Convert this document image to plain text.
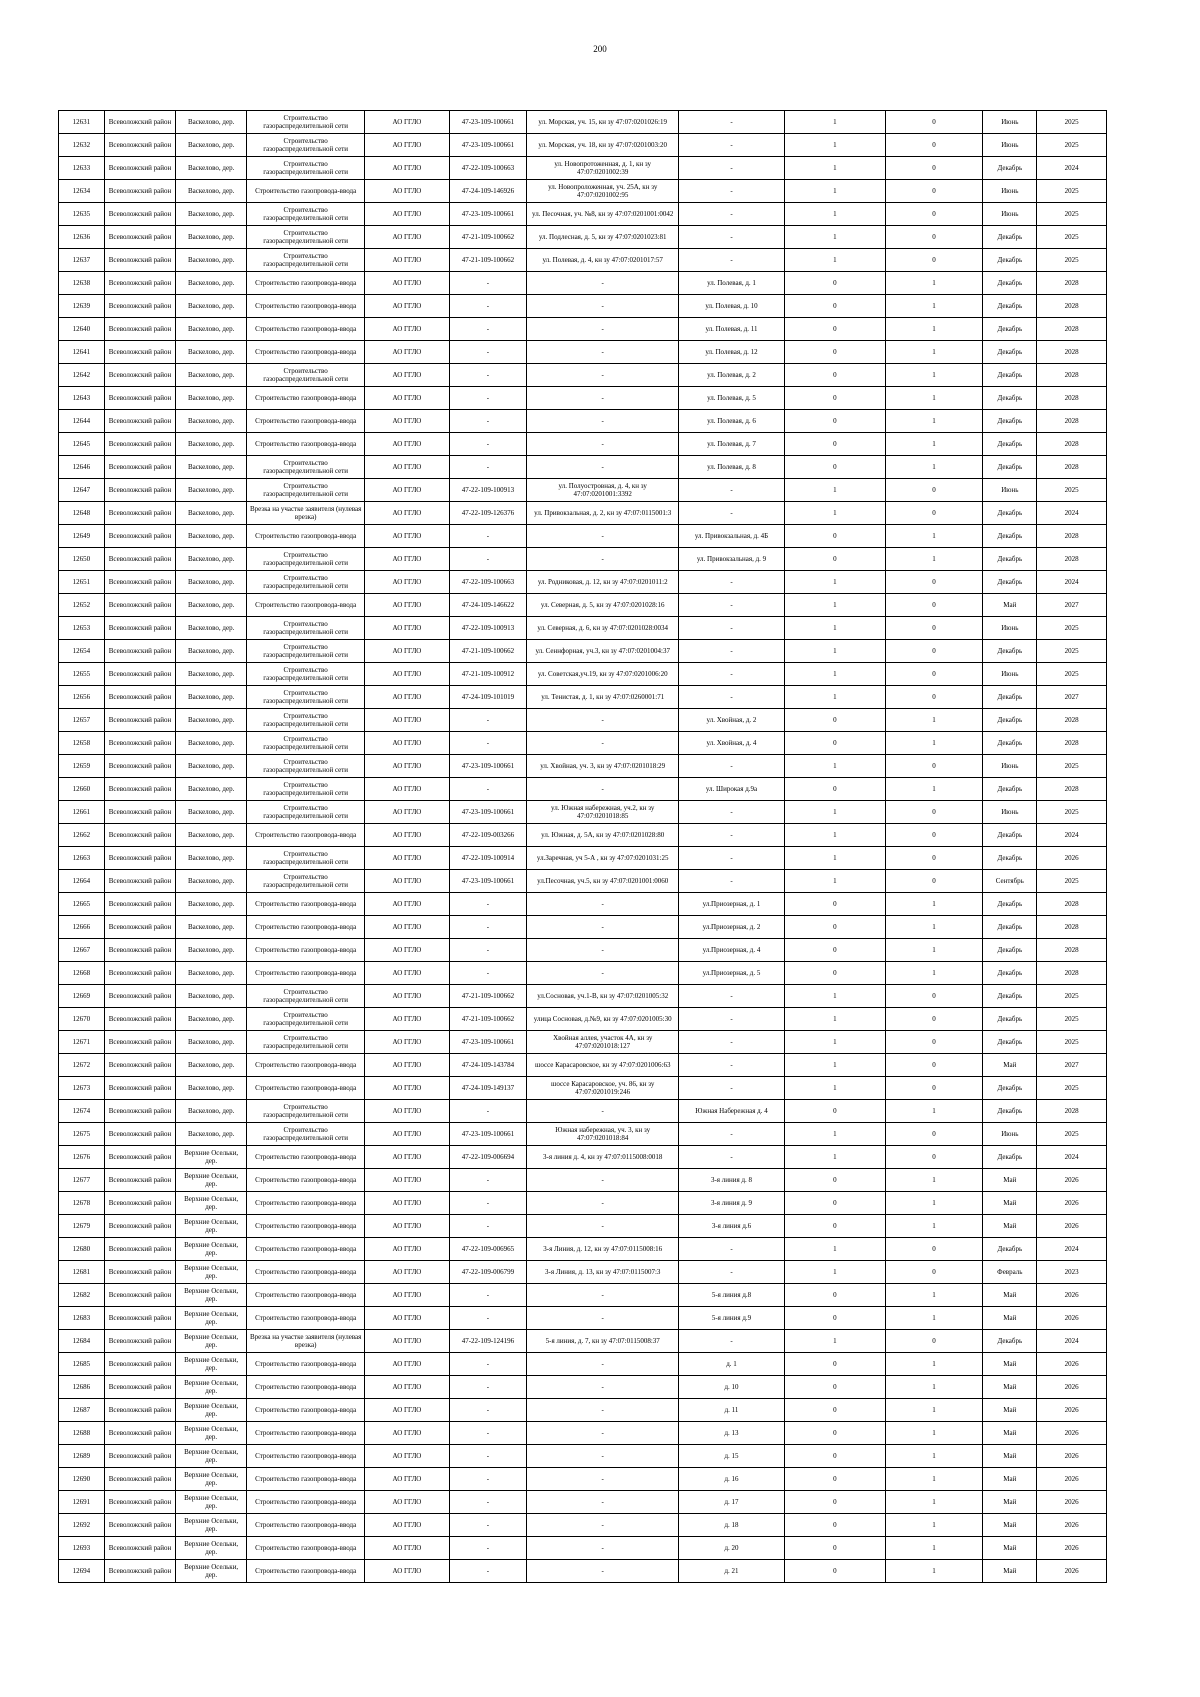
200
12631	Всеволожский район	Васкелово, дер.	Строительство газораспределительной сети	АО ГГЛО	47-23-109-100661	ул. Морская, уч. 15, кн зу 47:07:0201026:19	-	1	0	Июнь	2025
12632	Всеволожский район	Васкелово, дер.	Строительство газораспределительной сети	АО ГГЛО	47-23-109-100661	ул. Морская, уч. 18, кн зу 47:07:0201003:20	-	1	0	Июнь	2025
12633	Всеволожский район	Васкелово, дер.	Строительство газораспределительной сети	АО ГГЛО	47-22-109-100663	ул. Новопротоженная, д. 1, кн зу 47:07:0201002:39	-	1	0	Декабрь	2024
12634	Всеволожский район	Васкелово, дер.	Строительство газопровода-ввода	АО ГГЛО	47-24-109-146926	ул. Новопроложенная, уч. 25А, кн зу 47:07:0201002:95	-	1	0	Июнь	2025
12635	Всеволожский район	Васкелово, дер.	Строительство газораспределительной сети	АО ГГЛО	47-23-109-100661	ул. Песочная, уч. №8, кн зу 47:07:0201001:0042	-	1	0	Июнь	2025
12636	Всеволожский район	Васкелово, дер.	Строительство газораспределительной сети	АО ГГЛО	47-21-109-100662	ул. Подлесная, д. 5, кн зу 47:07:0201023:81	-	1	0	Декабрь	2025
12637	Всеволожский район	Васкелово, дер.	Строительство газораспределительной сети	АО ГГЛО	47-21-109-100662	ул. Полевая, д. 4, кн зу 47:07:0201017:57	-	1	0	Декабрь	2025
12638	Всеволожский район	Васкелово, дер.	Строительство газопровода-ввода	АО ГГЛО	-	-	ул. Полевая, д. 1	0	1	Декабрь	2028
12639	Всеволожский район	Васкелово, дер.	Строительство газопровода-ввода	АО ГГЛО	-	-	ул. Полевая, д. 10	0	1	Декабрь	2028
12640	Всеволожский район	Васкелово, дер.	Строительство газопровода-ввода	АО ГГЛО	-	-	ул. Полевая, д. 11	0	1	Декабрь	2028
12641	Всеволожский район	Васкелово, дер.	Строительство газопровода-ввода	АО ГГЛО	-	-	ул. Полевая, д. 12	0	1	Декабрь	2028
12642	Всеволожский район	Васкелово, дер.	Строительство газораспределительной сети	АО ГГЛО	-	-	ул. Полевая, д. 2	0	1	Декабрь	2028
12643	Всеволожский район	Васкелово, дер.	Строительство газопровода-ввода	АО ГГЛО	-	-	ул. Полевая, д. 5	0	1	Декабрь	2028
12644	Всеволожский район	Васкелово, дер.	Строительство газопровода-ввода	АО ГГЛО	-	-	ул. Полевая, д. 6	0	1	Декабрь	2028
12645	Всеволожский район	Васкелово, дер.	Строительство газопровода-ввода	АО ГГЛО	-	-	ул. Полевая, д. 7	0	1	Декабрь	2028
12646	Всеволожский район	Васкелово, дер.	Строительство газораспределительной сети	АО ГГЛО	-	-	ул. Полевая, д. 8	0	1	Декабрь	2028
12647	Всеволожский район	Васкелово, дер.	Строительство газораспределительной сети	АО ГГЛО	47-22-109-100913	ул. Полуостровная, д. 4, кн зу 47:07:0201001:3392	-	1	0	Июнь	2025
12648	Всеволожский район	Васкелово, дер.	Врезка на участке заявителя (нулевая врезка)	АО ГГЛО	47-22-109-126376	ул. Привокзальная, д. 2, кн зу 47:07:0115001:3	-	1	0	Декабрь	2024
12649	Всеволожский район	Васкелово, дер.	Строительство газопровода-ввода	АО ГГЛО	-	-	ул. Привокзальная, д. 4Б	0	1	Декабрь	2028
12650	Всеволожский район	Васкелово, дер.	Строительство газораспределительной сети	АО ГГЛО	-	-	ул. Привокзальная, д. 9	0	1	Декабрь	2028
12651	Всеволожский район	Васкелово, дер.	Строительство газораспределительной сети	АО ГГЛО	47-22-109-100663	ул. Родниковая, д. 12, кн зу 47:07:0201011:2	-	1	0	Декабрь	2024
12652	Всеволожский район	Васкелово, дер.	Строительство газопровода-ввода	АО ГГЛО	47-24-109-146622	ул. Северная, д. 5, кн зу 47:07:0201028:16	-	1	0	Май	2027
12653	Всеволожский район	Васкелово, дер.	Строительство газораспределительной сети	АО ГГЛО	47-22-109-100913	ул. Северная, д. 6, кн зу 47:07:0201028:0034	-	1	0	Июнь	2025
12654	Всеволожский район	Васкелово, дер.	Строительство газораспределительной сети	АО ГГЛО	47-21-109-100662	ул. Сеннфорная, уч.3, кн зу 47:07:0201004:37	-	1	0	Декабрь	2025
12655	Всеволожский район	Васкелово, дер.	Строительство газораспределительной сети	АО ГГЛО	47-21-109-100912	ул. Советская,уч.19, кн зу 47:07:0201006:20	-	1	0	Июнь	2025
12656	Всеволожский район	Васкелово, дер.	Строительство газораспределительной сети	АО ГГЛО	47-24-109-101019	ул. Тенистая, д. 1, кн зу 47:07:0260001:71	-	1	0	Декабрь	2027
12657	Всеволожский район	Васкелово, дер.	Строительство газораспределительной сети	АО ГГЛО	-	-	ул. Хвойная, д. 2	0	1	Декабрь	2028
12658	Всеволожский район	Васкелово, дер.	Строительство газораспределительной сети	АО ГГЛО	-	-	ул. Хвойная, д. 4	0	1	Декабрь	2028
12659	Всеволожский район	Васкелово, дер.	Строительство газораспределительной сети	АО ГГЛО	47-23-109-100661	ул. Хвойная, уч. 3, кн зу 47:07:0201018:29	-	1	0	Июнь	2025
12660	Всеволожский район	Васкелово, дер.	Строительство газораспределительной сети	АО ГГЛО	-	-	ул. Широкая д.9а	0	1	Декабрь	2028
12661	Всеволожский район	Васкелово, дер.	Строительство газораспределительной сети	АО ГГЛО	47-23-109-100661	ул. Южная набережная, уч.2, кн зу 47:07:0201018:85	-	1	0	Июнь	2025
12662	Всеволожский район	Васкелово, дер.	Строительство газопровода-ввода	АО ГГЛО	47-22-109-003266	ул. Южная, д. 5А, кн зу 47:07:0201028:80	-	1	0	Декабрь	2024
12663	Всеволожский район	Васкелово, дер.	Строительство газораспределительной сети	АО ГГЛО	47-22-109-100914	ул.Заречная, уч 5-А , кн зу 47:07:0201031:25	-	1	0	Декабрь	2026
12664	Всеволожский район	Васкелово, дер.	Строительство газораспределительной сети	АО ГГЛО	47-23-109-100661	ул.Песочная, уч.5, кн зу 47:07:0201001:0060	-	1	0	Сентябрь	2025
12665	Всеволожский район	Васкелово, дер.	Строительство газопровода-ввода	АО ГГЛО	-	-	ул.Приозерная, д. 1	0	1	Декабрь	2028
12666	Всеволожский район	Васкелово, дер.	Строительство газопровода-ввода	АО ГГЛО	-	-	ул.Приозерная, д. 2	0	1	Декабрь	2028
12667	Всеволожский район	Васкелово, дер.	Строительство газопровода-ввода	АО ГГЛО	-	-	ул.Приозерная, д. 4	0	1	Декабрь	2028
12668	Всеволожский район	Васкелово, дер.	Строительство газопровода-ввода	АО ГГЛО	-	-	ул.Приозерная, д. 5	0	1	Декабрь	2028
12669	Всеволожский район	Васкелово, дер.	Строительство газораспределительной сети	АО ГГЛО	47-21-109-100662	ул.Сосновая, уч.1-В, кн зу 47:07:0201005:32	-	1	0	Декабрь	2025
12670	Всеволожский район	Васкелово, дер.	Строительство газораспределительной сети	АО ГГЛО	47-21-109-100662	улица Сосновая, д.№9, кн зу 47:07:0201005:30	-	1	0	Декабрь	2025
12671	Всеволожский район	Васкелово, дер.	Строительство газораспределительной сети	АО ГГЛО	47-23-109-100661	Хвойная аллея, участок 4А, кн зу 47:07:0201018:127	-	1	0	Декабрь	2025
12672	Всеволожский район	Васкелово, дер.	Строительство газопровода-ввода	АО ГГЛО	47-24-109-143784	шоссе Карасаровское, кн зу 47:07:0201006:63	-	1	0	Май	2027
12673	Всеволожский район	Васкелово, дер.	Строительство газопровода-ввода	АО ГГЛО	47-24-109-149137	шоссе Карасаровское, уч. 86, кн зу 47:07:0201019:246	-	1	0	Декабрь	2025
12674	Всеволожский район	Васкелово, дер.	Строительство газораспределительной сети	АО ГГЛО	-	-	Южная Набережная д. 4	0	1	Декабрь	2028
12675	Всеволожский район	Васкелово, дер.	Строительство газораспределительной сети	АО ГГЛО	47-23-109-100661	Южная набережная, уч. 3, кн зу 47:07:0201018:84	-	1	0	Июнь	2025
12676	Всеволожский район	Верхние Осельки, дер.	Строительство газопровода-ввода	АО ГГЛО	47-22-109-006694	3-я линия д. 4, кн зу 47:07:0115008:0018	-	1	0	Декабрь	2024
12677	Всеволожский район	Верхние Осельки, дер.	Строительство газопровода-ввода	АО ГГЛО	-	-	3-я линия д. 8	0	1	Май	2026
12678	Всеволожский район	Верхние Осельки, дер.	Строительство газопровода-ввода	АО ГГЛО	-	-	3-я линия д. 9	0	1	Май	2026
12679	Всеволожский район	Верхние Осельки, дер.	Строительство газопровода-ввода	АО ГГЛО	-	-	3-я линия д.6	0	1	Май	2026
12680	Всеволожский район	Верхние Осельки, дер.	Строительство газопровода-ввода	АО ГГЛО	47-22-109-006965	3-я Линия, д. 12, кн зу 47:07:0115008:16	-	1	0	Декабрь	2024
12681	Всеволожский район	Верхние Осельки, дер.	Строительство газопровода-ввода	АО ГГЛО	47-22-109-006799	3-я Линия, д. 13, кн зу 47:07:0115007:3	-	1	0	Февраль	2023
12682	Всеволожский район	Верхние Осельки, дер.	Строительство газопровода-ввода	АО ГГЛО	-	-	5-я линия д.8	0	1	Май	2026
12683	Всеволожский район	Верхние Осельки, дер.	Строительство газопровода-ввода	АО ГГЛО	-	-	5-я линия д.9	0	1	Май	2026
12684	Всеволожский район	Верхние Осельки, дер.	Врезка на участке заявителя (нулевая врезка)	АО ГГЛО	47-22-109-124196	5-я линия, д. 7, кн зу 47:07:0115008:37	-	1	0	Декабрь	2024
12685	Всеволожский район	Верхние Осельки, дер.	Строительство газопровода-ввода	АО ГГЛО	-	-	д. 1	0	1	Май	2026
12686	Всеволожский район	Верхние Осельки, дер.	Строительство газопровода-ввода	АО ГГЛО	-	-	д. 10	0	1	Май	2026
12687	Всеволожский район	Верхние Осельки, дер.	Строительство газопровода-ввода	АО ГГЛО	-	-	д. 11	0	1	Май	2026
12688	Всеволожский район	Верхние Осельки, дер.	Строительство газопровода-ввода	АО ГГЛО	-	-	д. 13	0	1	Май	2026
12689	Всеволожский район	Верхние Осельки, дер.	Строительство газопровода-ввода	АО ГГЛО	-	-	д. 15	0	1	Май	2026
12690	Всеволожский район	Верхние Осельки, дер.	Строительство газопровода-ввода	АО ГГЛО	-	-	д. 16	0	1	Май	2026
12691	Всеволожский район	Верхние Осельки, дер.	Строительство газопровода-ввода	АО ГГЛО	-	-	д. 17	0	1	Май	2026
12692	Всеволожский район	Верхние Осельки, дер.	Строительство газопровода-ввода	АО ГГЛО	-	-	д. 18	0	1	Май	2026
12693	Всеволожский район	Верхние Осельки, дер.	Строительство газопровода-ввода	АО ГГЛО	-	-	д. 20	0	1	Май	2026
12694	Всеволожский район	Верхние Осельки, дер.	Строительство газопровода-ввода	АО ГГЛО	-	-	д. 21	0	1	Май	2026
